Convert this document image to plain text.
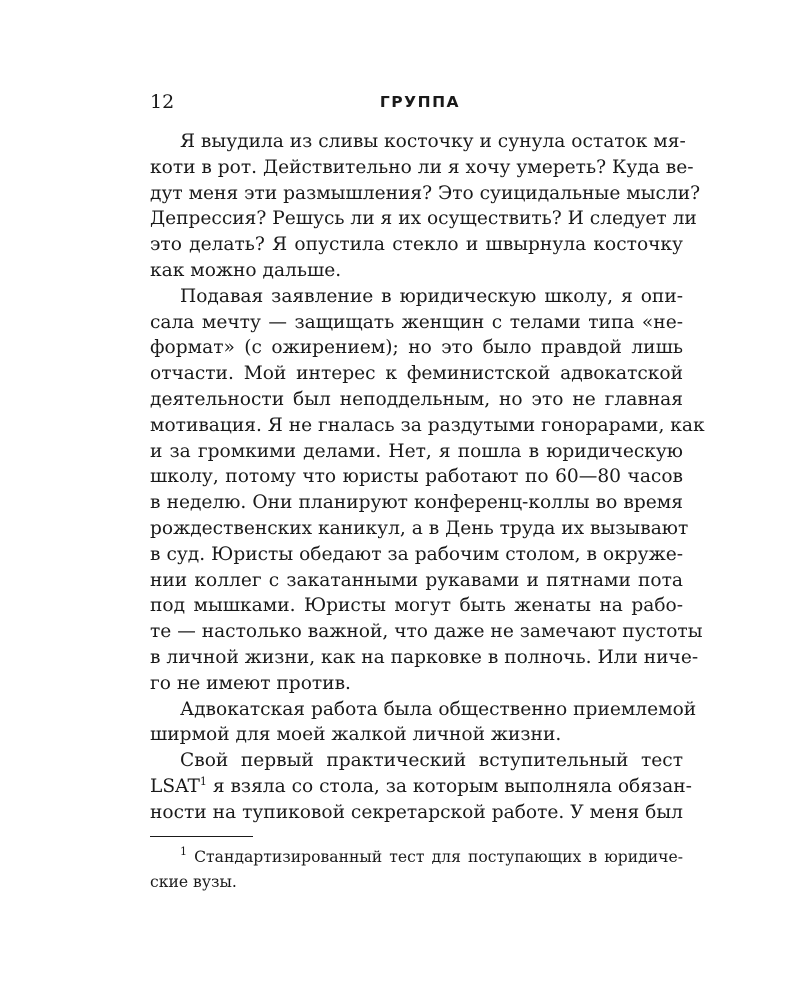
12	ГРУППА
Я выудила из сливы косточку и сунула остаток мя-
коти в рот. Действительно ли я хочу умереть? Куда ве-
дут меня эти размышления? Это суицидальные мысли?
Депрессия? Решусь ли я их осуществить? И следует ли
это делать? Я опустила стекло и швырнула косточку
как можно дальше.
Подавая заявление в юридическую школу, я опи-
сала мечту — защищать женщин с телами типа «не-
формат» (с ожирением); но это было правдой лишь
отчасти. Мой интерес к феминистской адвокатской
деятельности был неподдельным, но это не главная
мотивация. Я не гналась за раздутыми гонорарами, как
и за громкими делами. Нет, я пошла в юридическую
школу, потому что юристы работают по 60—80 часов
в неделю. Они планируют конференц-коллы во время
рождественских каникул, а в День труда их вызывают
в суд. Юристы обедают за рабочим столом, в окруже-
нии коллег с закатанными рукавами и пятнами пота
под мышками. Юристы могут быть женаты на рабо-
те — настолько важной, что даже не замечают пустоты
в личной жизни, как на парковке в полночь. Или ниче-
го не имеют против.
Адвокатская работа была общественно приемлемой
ширмой для моей жалкой личной жизни.
Свой первый практический вступительный тест
LSAT$^1$ я взяла со стола, за которым выполняла обязан-
ности на тупиковой секретарской работе. У меня был
$^1$ Стандартизированный тест для поступающих в юридиче-
ские вузы.
